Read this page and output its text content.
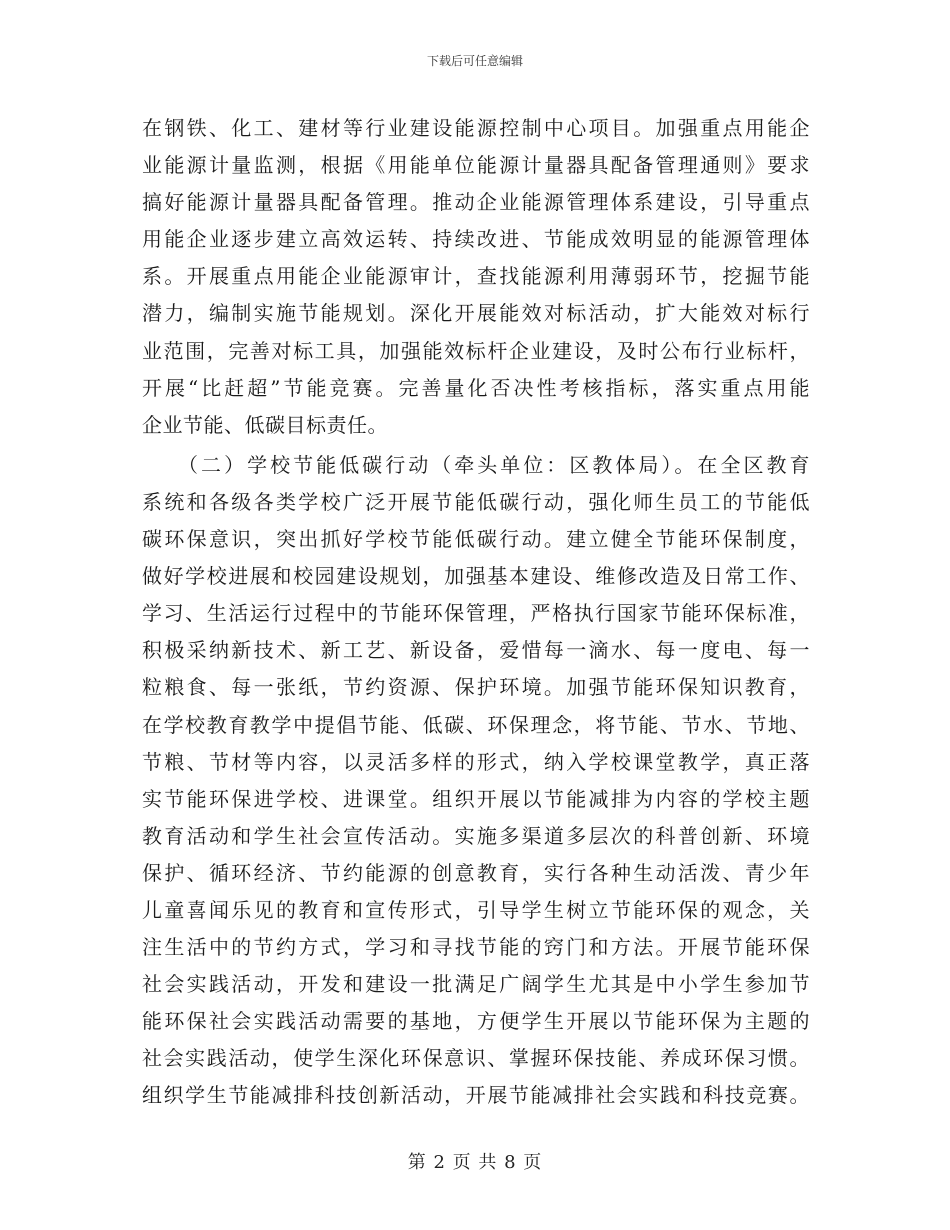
下载后可任意编辑
在钢铁、化工、建材等行业建设能源控制中心项目。加强重点用能企
业能源计量监测，根据《用能单位能源计量器具配备管理通则》要求
搞好能源计量器具配备管理。推动企业能源管理体系建设，引导重点
用能企业逐步建立高效运转、持续改进、节能成效明显的能源管理体
系。开展重点用能企业能源审计，查找能源利用薄弱环节，挖掘节能
潜力，编制实施节能规划。深化开展能效对标活动，扩大能效对标行
业范围，完善对标工具，加强能效标杆企业建设，及时公布行业标杆，
开展“比赶超”节能竞赛。完善量化否决性考核指标，落实重点用能
企业节能、低碳目标责任。
　　（二）学校节能低碳行动（牵头单位：区教体局）。在全区教育
系统和各级各类学校广泛开展节能低碳行动，强化师生员工的节能低
碳环保意识，突出抓好学校节能低碳行动。建立健全节能环保制度，
做好学校进展和校园建设规划，加强基本建设、维修改造及日常工作、
学习、生活运行过程中的节能环保管理，严格执行国家节能环保标准，
积极采纳新技术、新工艺、新设备，爱惜每一滴水、每一度电、每一
粒粮食、每一张纸，节约资源、保护环境。加强节能环保知识教育，
在学校教育教学中提倡节能、低碳、环保理念，将节能、节水、节地、
节粮、节材等内容，以灵活多样的形式，纳入学校课堂教学，真正落
实节能环保进学校、进课堂。组织开展以节能减排为内容的学校主题
教育活动和学生社会宣传活动。实施多渠道多层次的科普创新、环境
保护、循环经济、节约能源的创意教育，实行各种生动活泼、青少年
儿童喜闻乐见的教育和宣传形式，引导学生树立节能环保的观念，关
注生活中的节约方式，学习和寻找节能的窍门和方法。开展节能环保
社会实践活动，开发和建设一批满足广阔学生尤其是中小学生参加节
能环保社会实践活动需要的基地，方便学生开展以节能环保为主题的
社会实践活动，使学生深化环保意识、掌握环保技能、养成环保习惯。
组织学生节能减排科技创新活动，开展节能减排社会实践和科技竞赛。
第 2 页 共 8 页
